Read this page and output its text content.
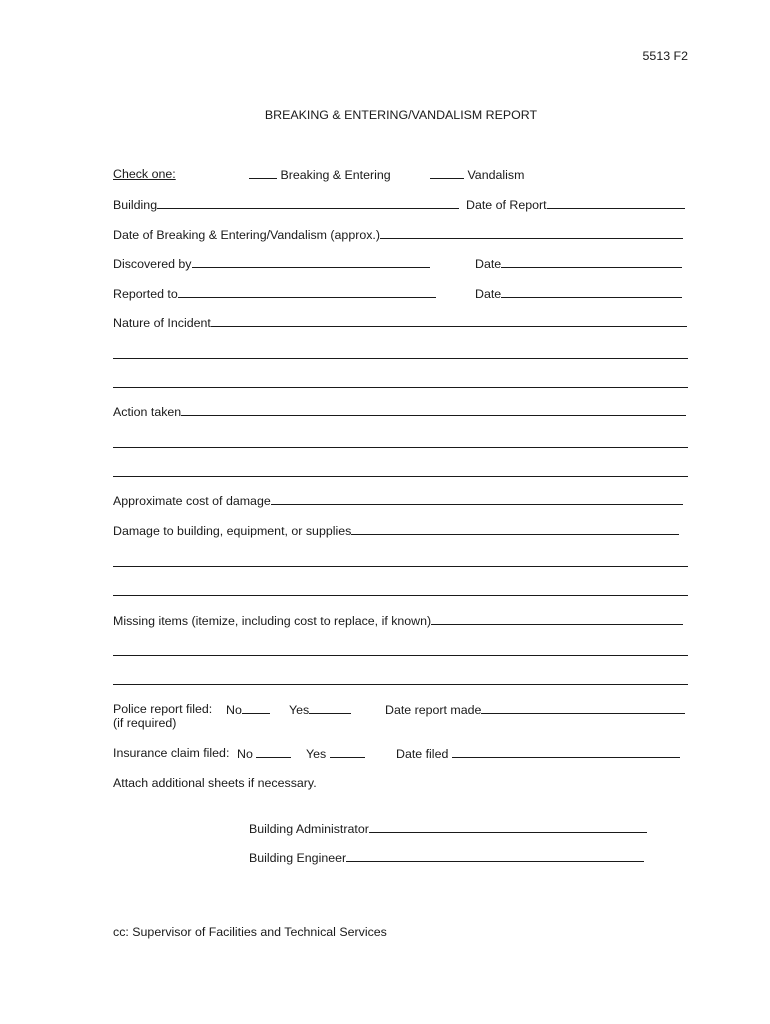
5513 F2
BREAKING & ENTERING/VANDALISM REPORT
Check one:	Breaking & Entering	Vandalism
Building	Date of Report
Date of Breaking & Entering/Vandalism (approx.)
Discovered by	Date
Reported to	Date
Nature of Incident
Action taken
Approximate cost of damage
Damage to building, equipment, or supplies
Missing items (itemize, including cost to replace, if known)
Police report filed: No	Yes	Date report made
(if required)
Insurance claim filed: No	Yes	Date filed
Attach additional sheets if necessary.
Building Administrator
Building Engineer
cc: Supervisor of Facilities and Technical Services
